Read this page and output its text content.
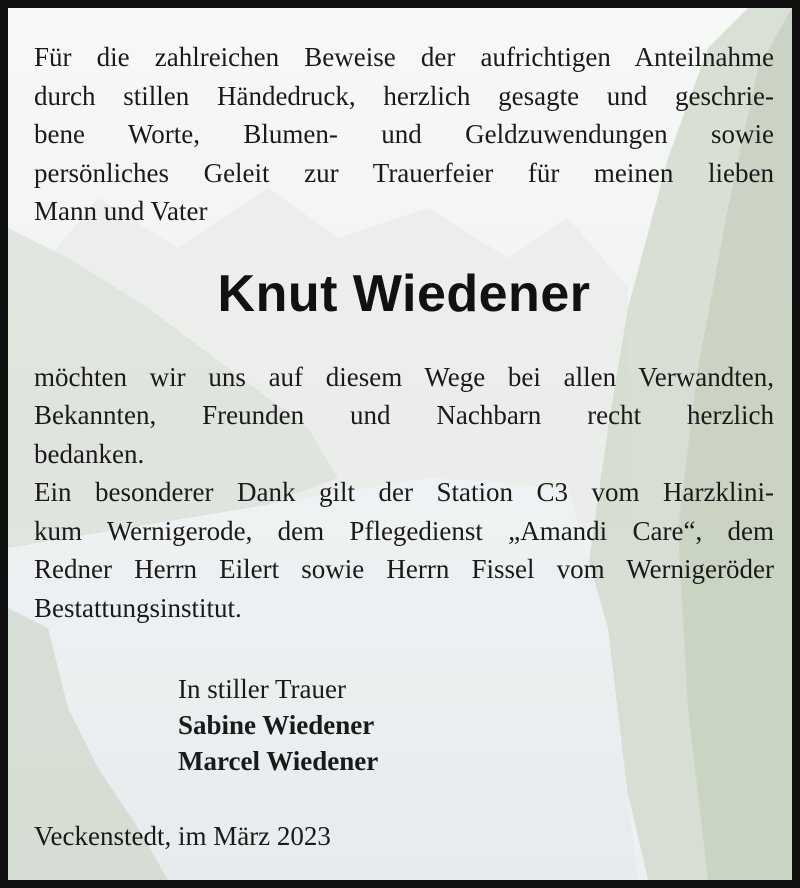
Für die zahlreichen Beweise der aufrichtigen Anteilnahme
durch stillen Händedruck, herzlich gesagte und geschrie-
bene Worte, Blumen- und Geldzuwendungen sowie
persönliches Geleit zur Trauerfeier für meinen lieben
Mann und Vater

Knut Wiedener

möchten wir uns auf diesem Wege bei allen Verwandten,
Bekannten, Freunden und Nachbarn recht herzlich
bedanken.
Ein besonderer Dank gilt der Station C3 vom Harzklini-
kum Wernigerode, dem Pflegedienst „Amandi Care“, dem
Redner Herrn Eilert sowie Herrn Fissel vom Wernigeröder
Bestattungsinstitut.

In stiller Trauer
Sabine Wiedener
Marcel Wiedener
Veckenstedt, im März 2023
